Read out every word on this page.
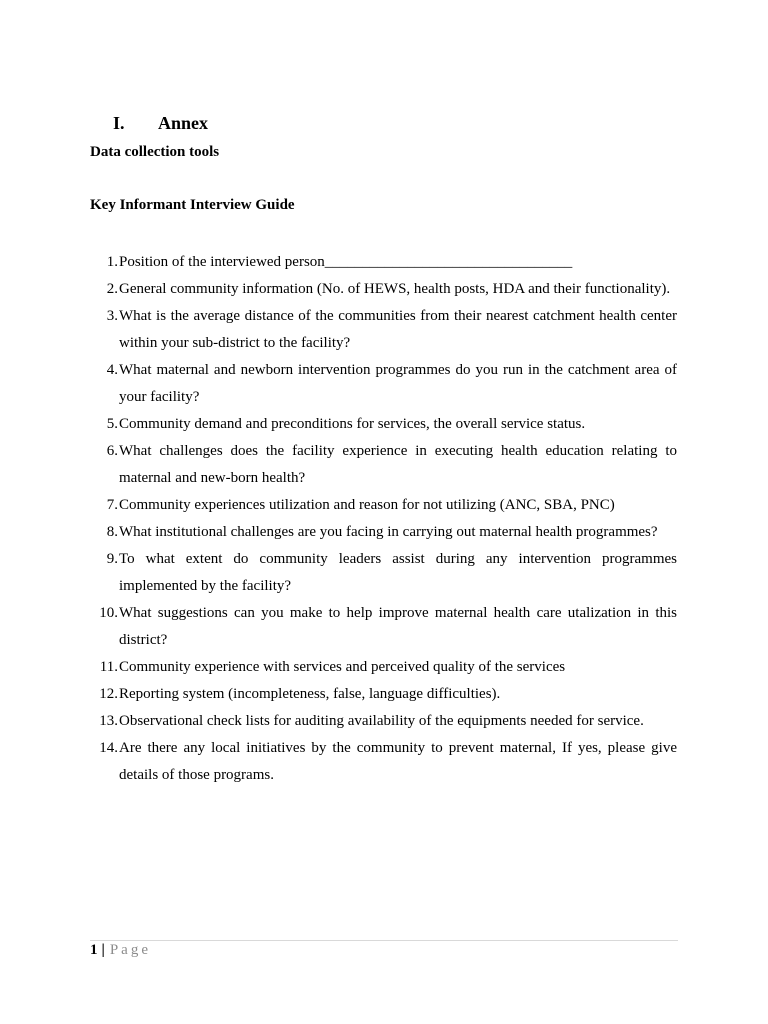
I.	Annex
Data collection tools
Key Informant Interview Guide
1. Position of the interviewed person_________________________________
2. General community information (No. of HEWS, health posts, HDA and their functionality).
3. What is the average distance of the communities from their nearest catchment health center within your sub-district to the facility?
4. What maternal and newborn intervention programmes do you run in the catchment area of your facility?
5. Community demand and preconditions for services, the overall service status.
6. What challenges does the facility experience in executing health education relating to maternal and new-born health?
7. Community experiences utilization and reason for not utilizing (ANC, SBA, PNC)
8. What institutional challenges are you facing in carrying out maternal health programmes?
9. To what extent do community leaders assist during any intervention programmes implemented by the facility?
10. What suggestions can you make to help improve maternal health care utalization in this district?
11. Community experience with services and perceived quality of the services
12. Reporting system (incompleteness, false, language difficulties).
13. Observational check lists for auditing availability of the equipments needed for service.
14. Are there any local initiatives by the community to prevent maternal, If yes, please give details of those programs.
1 | Page
